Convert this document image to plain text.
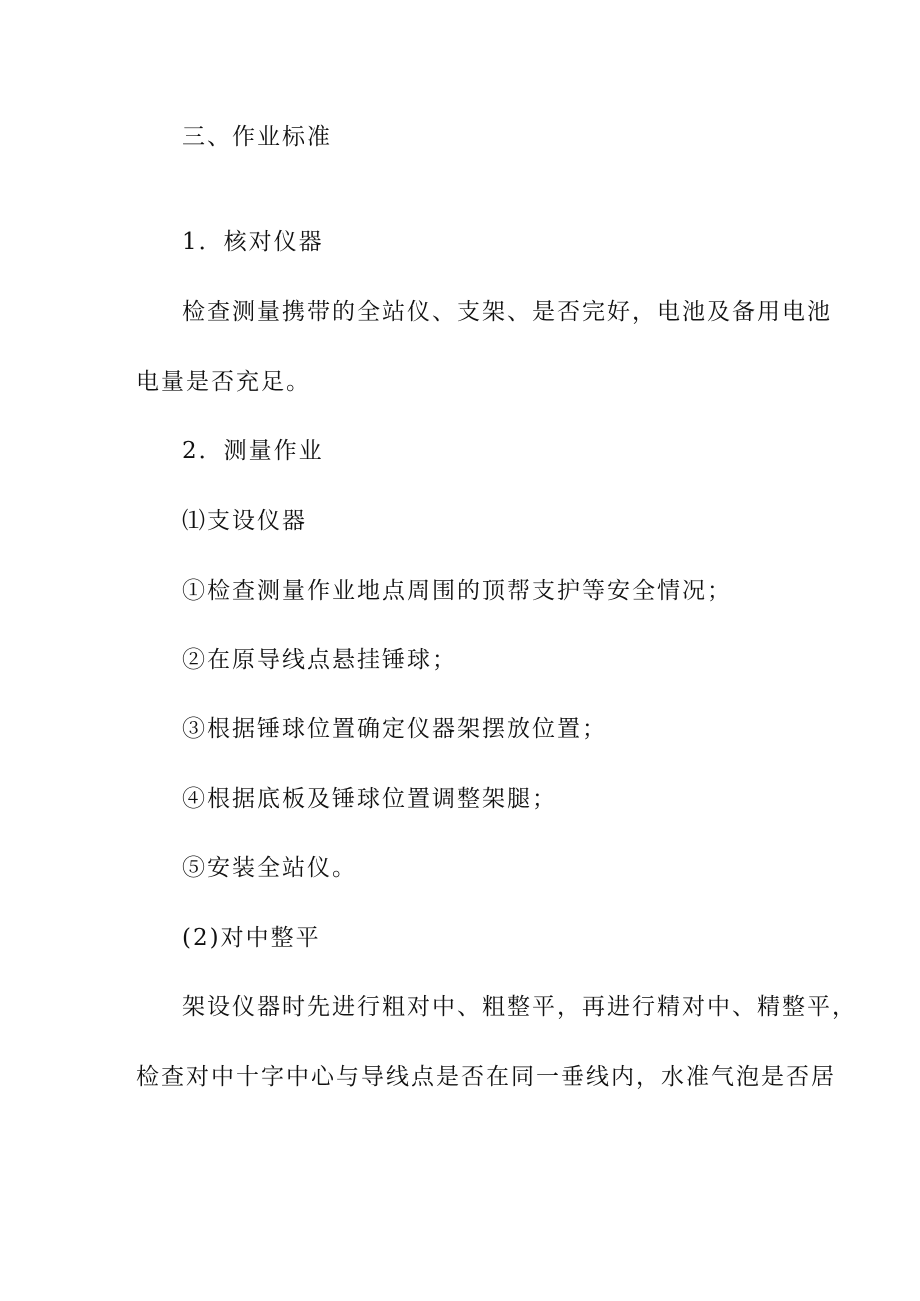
三、作业标准
1．核对仪器
检查测量携带的全站仪、支架、是否完好，电池及备用电池
电量是否充足。
2．测量作业
⑴支设仪器
①检查测量作业地点周围的顶帮支护等安全情况；
②在原导线点悬挂锤球；
③根据锤球位置确定仪器架摆放位置；
④根据底板及锤球位置调整架腿；
⑤安装全站仪。
(2)对中整平
架设仪器时先进行粗对中、粗整平，再进行精对中、精整平，
检查对中十字中心与导线点是否在同一垂线内，水准气泡是否居
